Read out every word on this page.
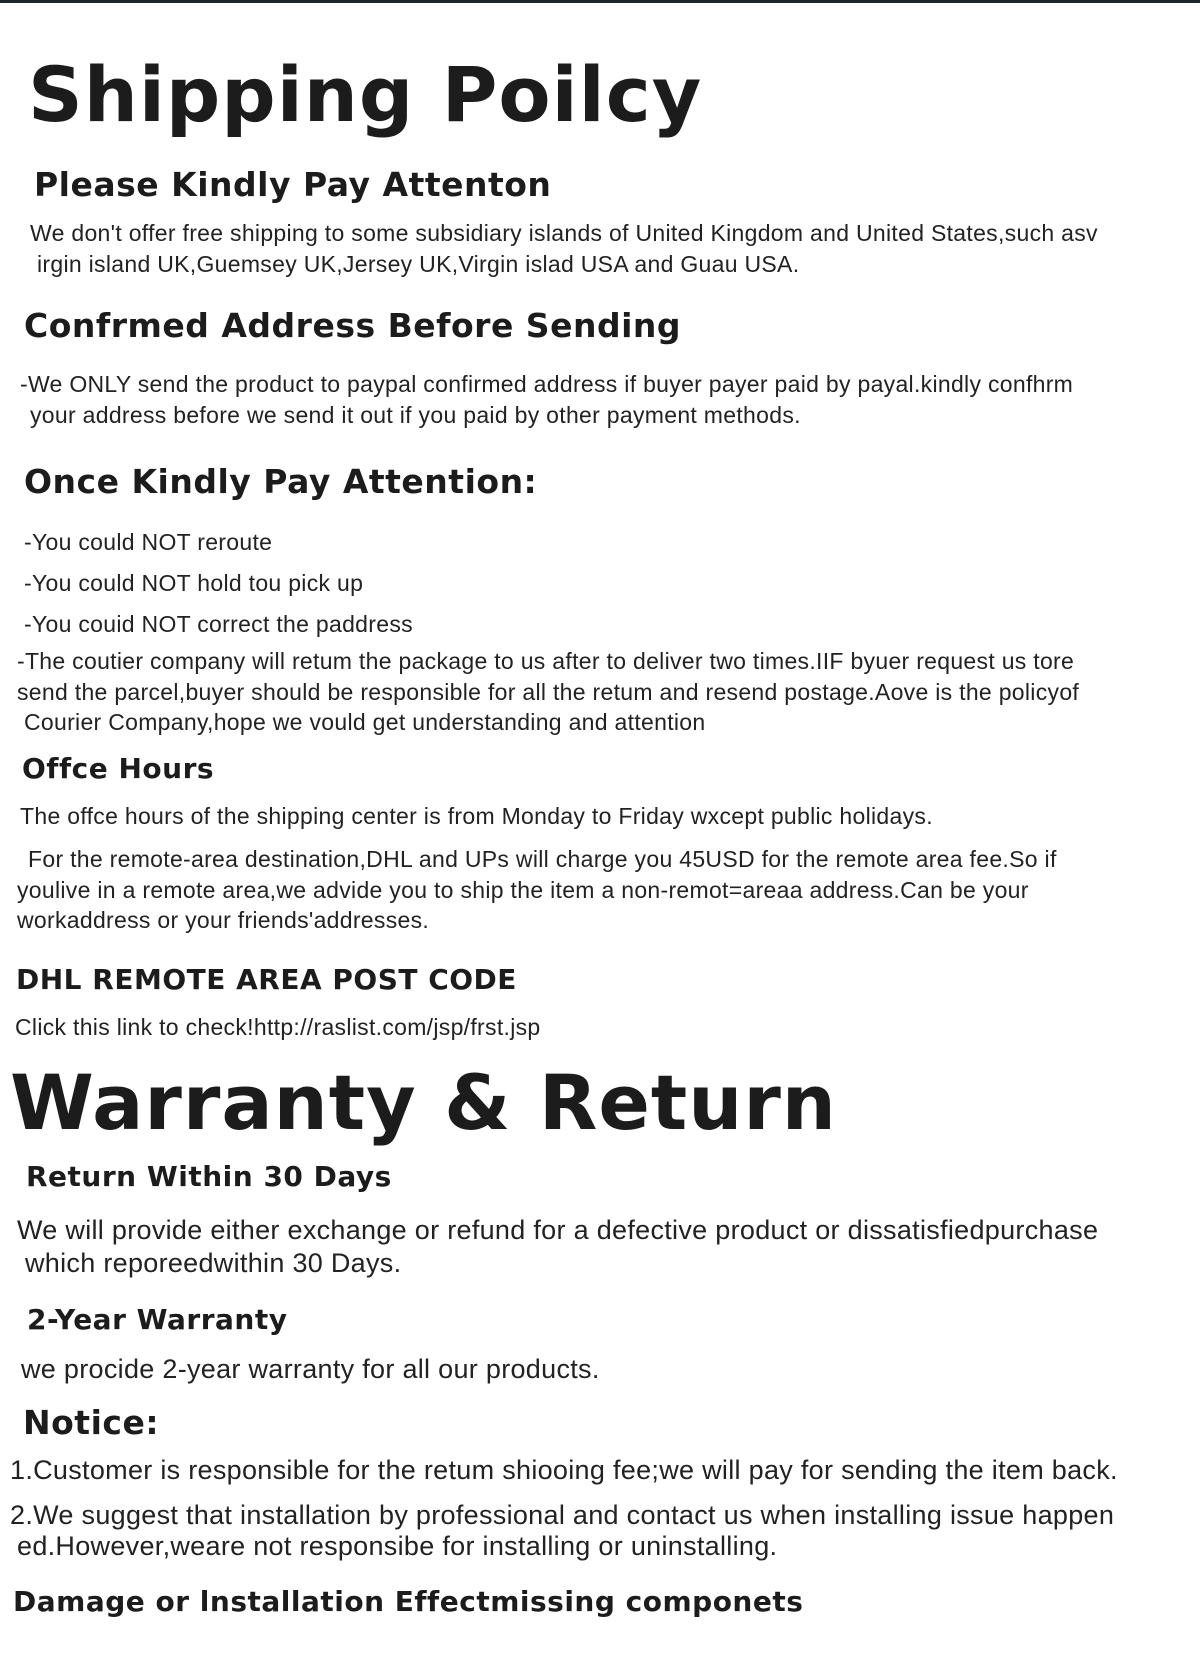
Shipping Poilcy
Please Kindly Pay Attenton

We don't offer free shipping to some subsidiary islands of United Kingdom and United States,such asv

irgin island UK,Guemsey UK,Jersey UK,Virgin islad USA and Guau USA.

Confrmed Address Before Sending

-We ONLY send the product to paypal confirmed address if buyer payer paid by payal.kindly confhrm

your address before we send it out if you paid by other payment methods.

Once Kindly Pay Attention:

-You could NOT reroute

-You could NOT hold tou pick up

-You couid NOT correct the paddress

-The coutier company will retum the package to us after to deliver two times.IIF byuer request us tore

send the parcel,buyer should be responsible for all the retum and resend postage.Aove is the policyof

Courier Company,hope we vould get understanding and attention

Offce Hours

The offce hours of the shipping center is from Monday to Friday wxcept public holidays.

For the remote-area destination,DHL and UPs will charge you 45USD for the remote area fee.So if

youlive in a remote area,we advide you to ship the item a non-remot=areaa address.Can be your

workaddress or your friends'addresses.

DHL REMOTE AREA POST CODE

Click this link to check!http://raslist.com/jsp/frst.jsp

Warranty & Return
Return Within 30 Days

We will provide either exchange or refund for a defective product or dissatisfiedpurchase

which reporeedwithin 30 Days.

2-Year Warranty

we procide 2-year warranty for all our products.

Notice:

1.Customer is responsible for the retum shiooing fee;we will pay for sending the item back.

2.We suggest that installation by professional and contact us when installing issue happen

ed.However,weare not responsibe for installing or uninstalling.

Damage or lnstallation Effectmissing componets
